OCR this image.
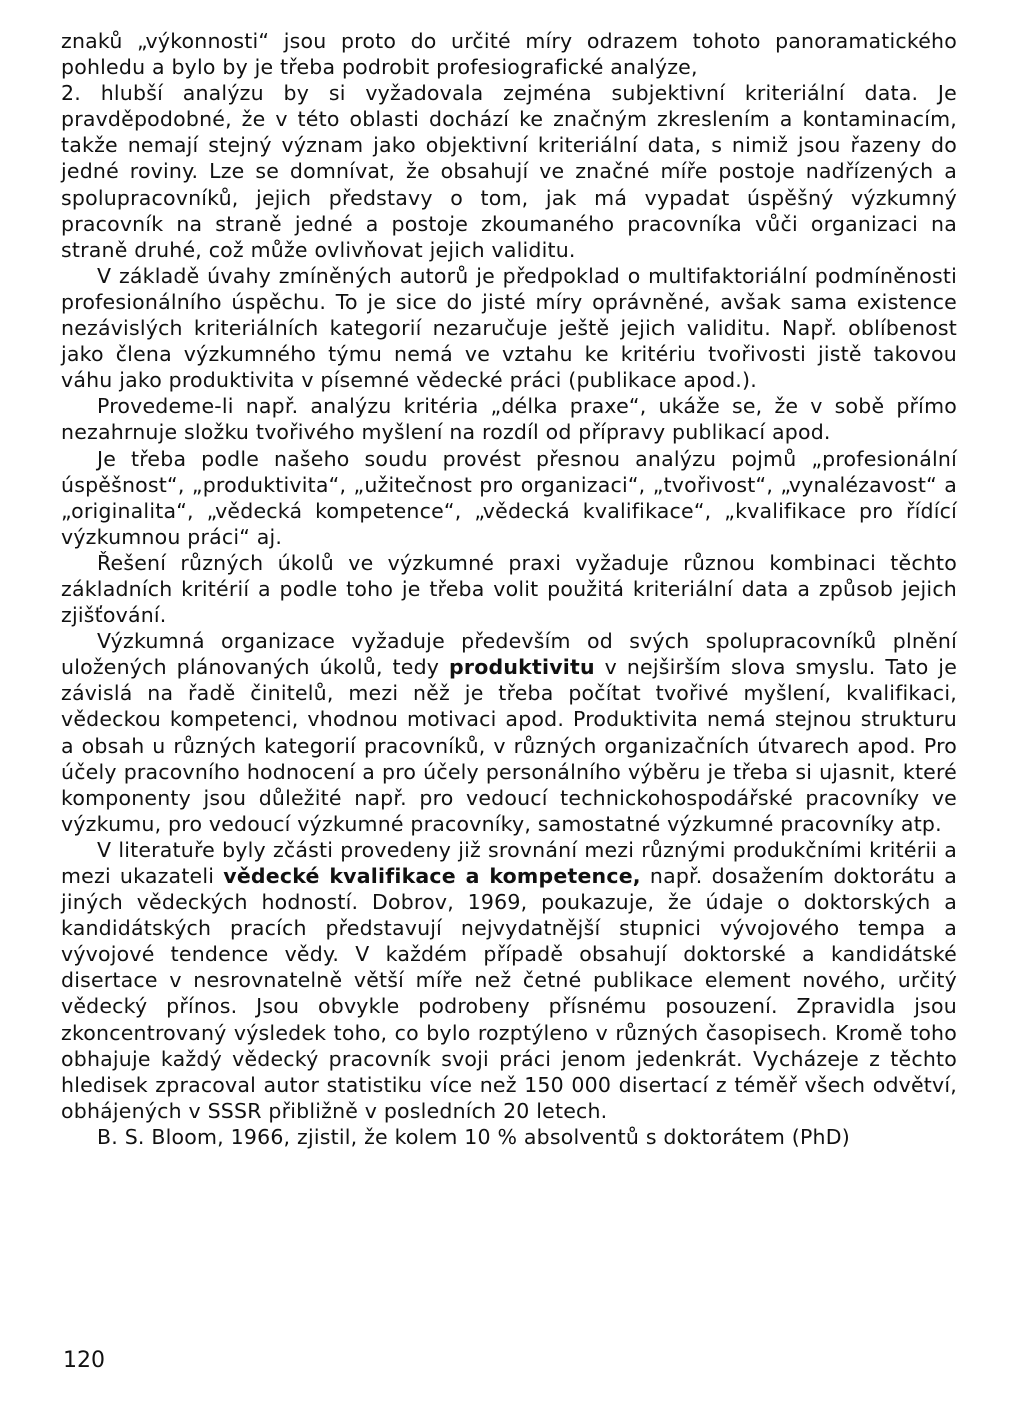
znaků „výkonnosti“ jsou proto do určité míry odrazem tohoto panoramatického pohledu a bylo by je třeba podrobit profesiografické analýze,

2. hlubší analýzu by si vyžadovala zejména subjektivní kriteriální data. Je pravděpodobné, že v této oblasti dochází ke značným zkreslením a kontaminacím, takže nemají stejný význam jako objektivní kriteriální data, s nimiž jsou řazeny do jedné roviny. Lze se domnívat, že obsahují ve značné míře postoje nadřízených a spolupracovníků, jejich představy o tom, jak má vypadat úspěšný výzkumný pracovník na straně jedné a postoje zkoumaného pracovníka vůči organizaci na straně druhé, což může ovlivňovat jejich validitu.

V základě úvahy zmíněných autorů je předpoklad o multifaktoriální podmíněnosti profesionálního úspěchu. To je sice do jisté míry oprávněné, avšak sama existence nezávislých kriteriálních kategorií nezaručuje ještě jejich validitu. Např. oblíbenost jako člena výzkumného týmu nemá ve vztahu ke kritériu tvořivosti jistě takovou váhu jako produktivita v písemné vědecké práci (publikace apod.).

Provedeme-li např. analýzu kritéria „délka praxe“, ukáže se, že v sobě přímo nezahrnuje složku tvořivého myšlení na rozdíl od přípravy publikací apod.

Je třeba podle našeho soudu provést přesnou analýzu pojmů „profesionální úspěšnost“, „produktivita“, „užitečnost pro organizaci“, „tvořivost“, „vynalézavost“ a „originalita“, „vědecká kompetence“, „vědecká kvalifikace“, „kvalifikace pro řídící výzkumnou práci“ aj.

Řešení různých úkolů ve výzkumné praxi vyžaduje různou kombinaci těchto základních kritérií a podle toho je třeba volit použitá kriteriální data a způsob jejich zjišťování.

Výzkumná organizace vyžaduje především od svých spolupracovníků plnění uložených plánovaných úkolů, tedy produktivitu v nejširším slova smyslu. Tato je závislá na řadě činitelů, mezi něž je třeba počítat tvořivé myšlení, kvalifikaci, vědeckou kompetenci, vhodnou motivaci apod. Produktivita nemá stejnou strukturu a obsah u různých kategorií pracovníků, v různých organizačních útvarech apod. Pro účely pracovního hodnocení a pro účely personálního výběru je třeba si ujasnit, které komponenty jsou důležité např. pro vedoucí technickohospodářské pracovníky ve výzkumu, pro vedoucí výzkumné pracovníky, samostatné výzkumné pracovníky atp.

V literatuře byly zčásti provedeny již srovnání mezi různými produkčními kritérii a mezi ukazateli vědecké kvalifikace a kompetence, např. dosažením doktorátu a jiných vědeckých hodností. Dobrov, 1969, poukazuje, že údaje o doktorských a kandidátských pracích představují nejvydatnější stupnici vývojového tempa a vývojové tendence vědy. V každém případě obsahují doktorské a kandidátské disertace v nesrovnatelně větší míře než četné publikace element nového, určitý vědecký přínos. Jsou obvykle podrobeny přísnému posouzení. Zpravidla jsou zkoncentrovaný výsledek toho, co bylo rozptýleno v různých časopisech. Kromě toho obhajuje každý vědecký pracovník svoji práci jenom jedenkrát. Vycházeje z těchto hledisek zpracoval autor statistiku více než 150 000 disertací z téměř všech odvětví, obhájených v SSSR přibližně v posledních 20 letech.

B. S. Bloom, 1966, zjistil, že kolem 10 % absolventů s doktorátem (PhD)

120
